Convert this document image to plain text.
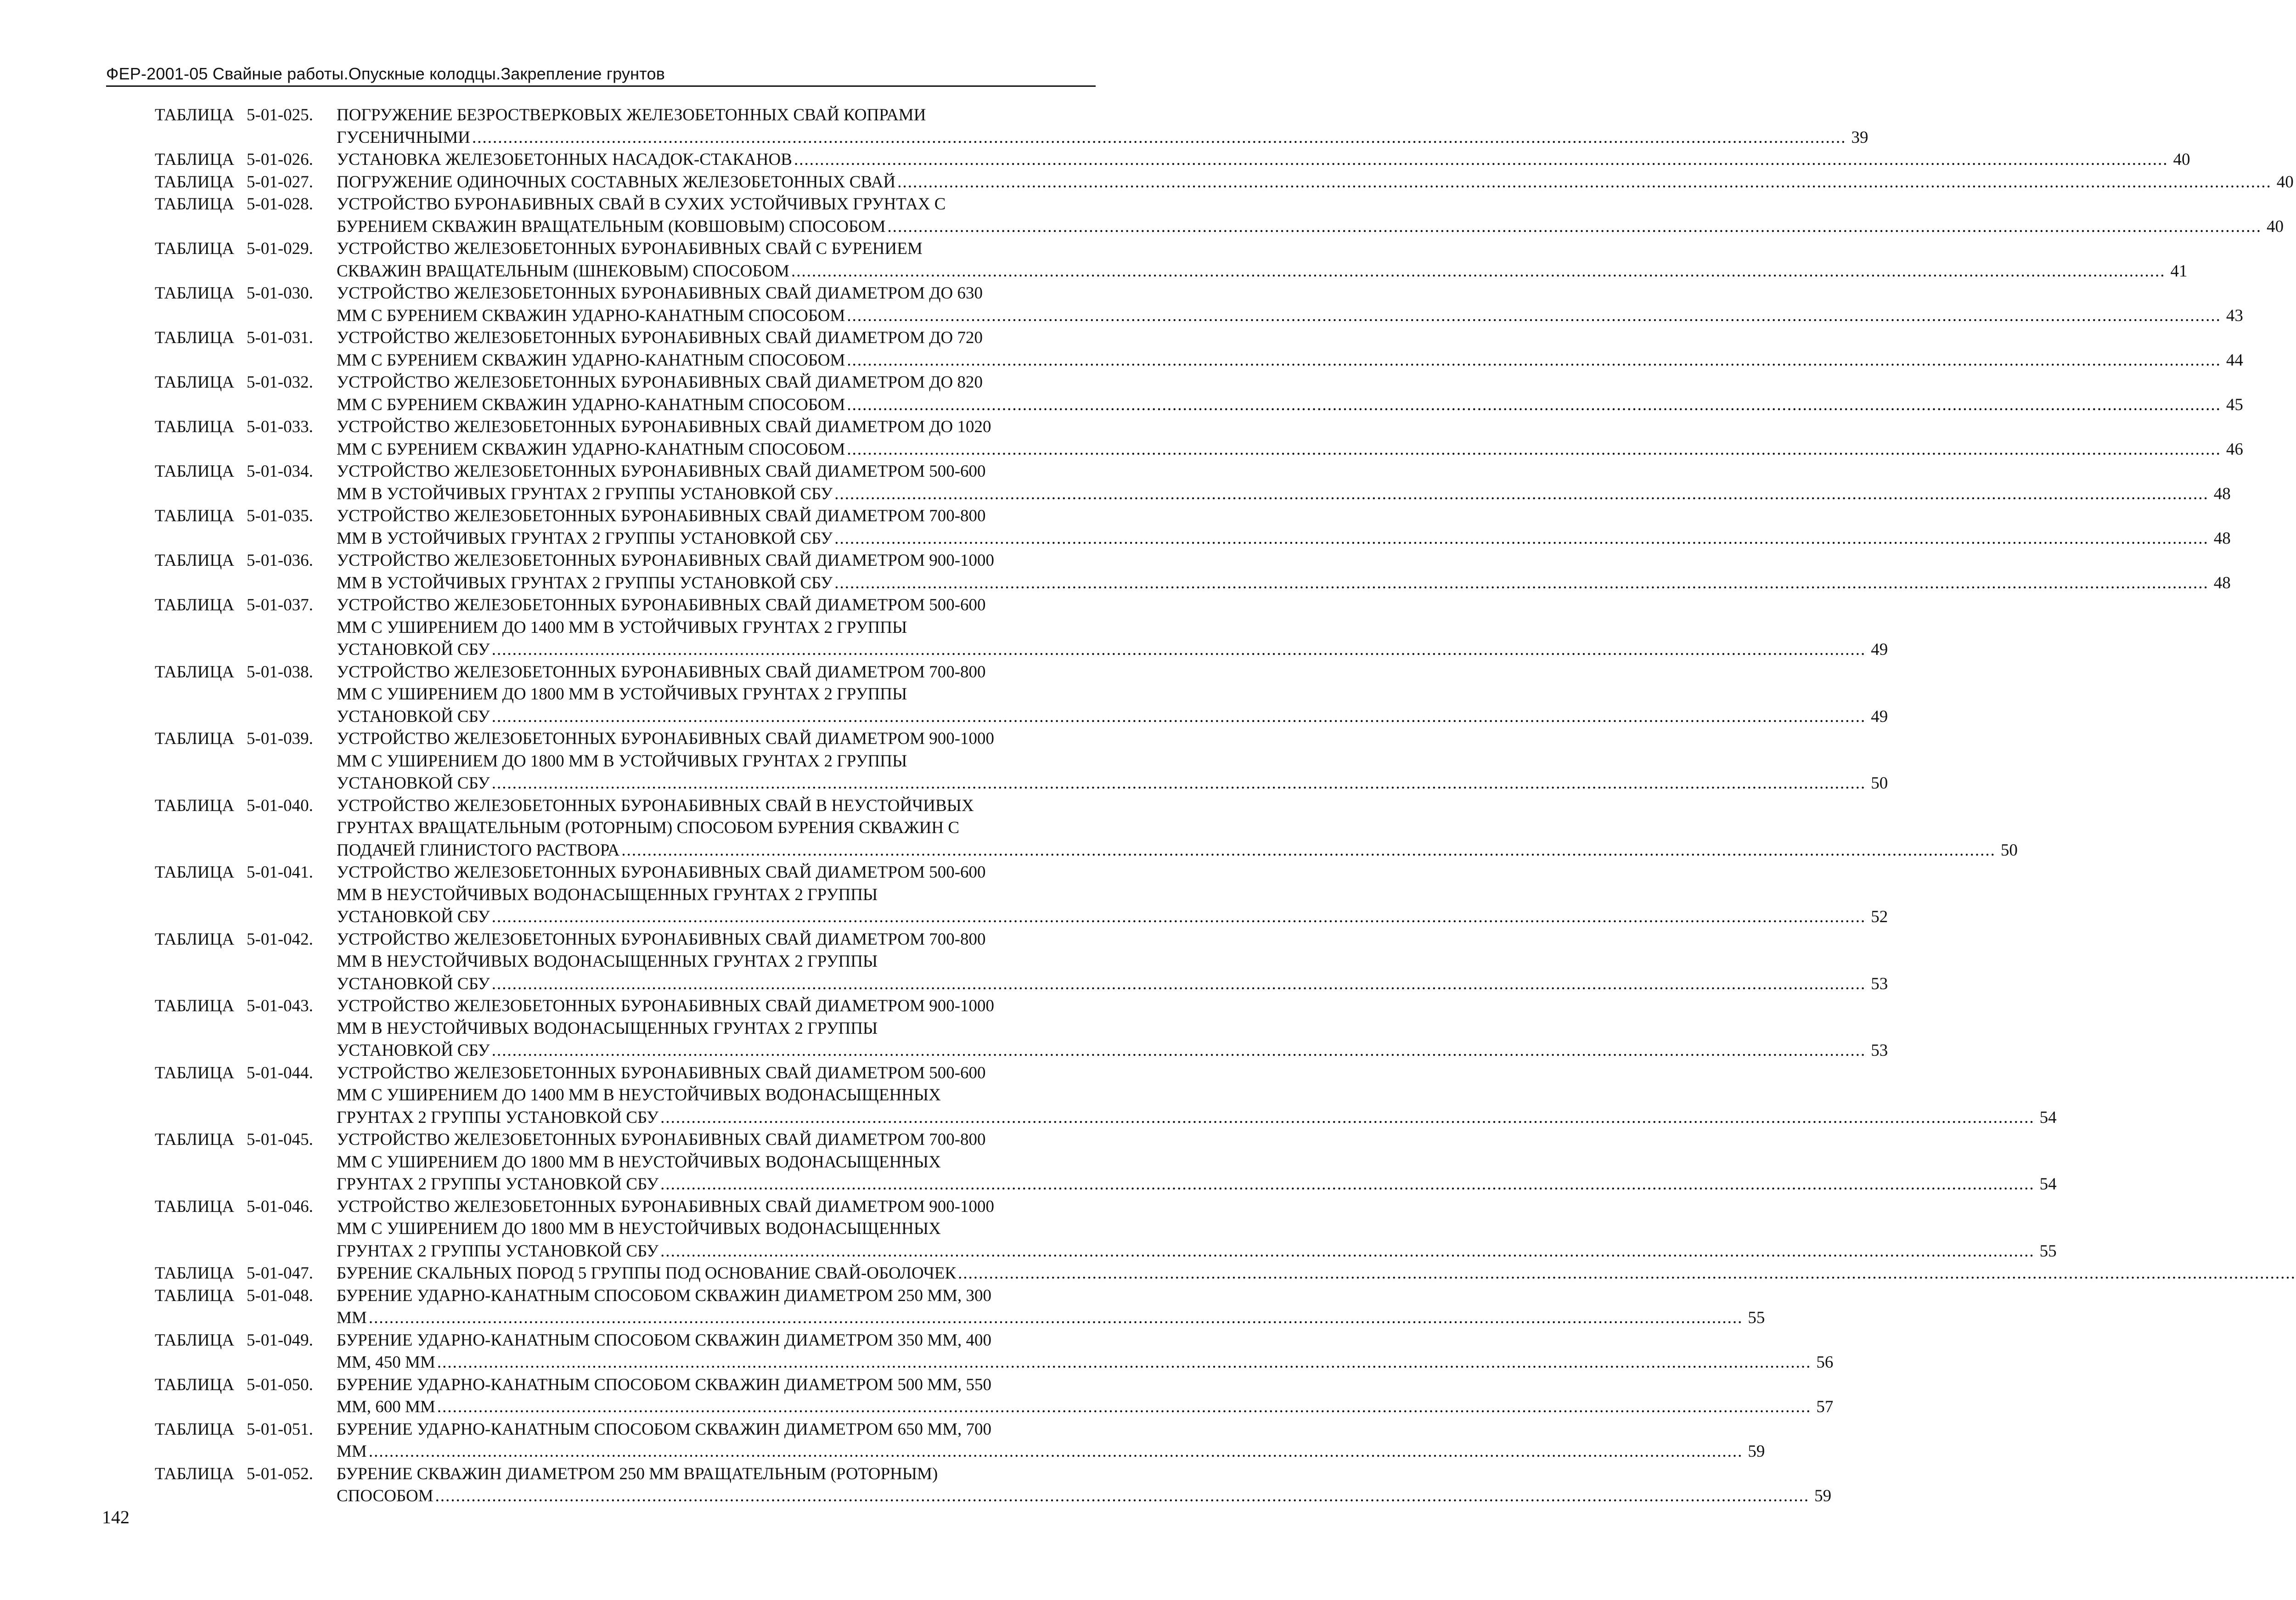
ФЕР-2001-05 Свайные работы.Опускные колодцы.Закрепление грунтов
ТАБЛИЦА 5-01-025.	ПОГРУЖЕНИЕ БЕЗРОСТВЕРКОВЫХ ЖЕЛЕЗОБЕТОННЫХ СВАЙ КОПРАМИ
ГУСЕНИЧНЫМИ .....	39
ТАБЛИЦА 5-01-026.	УСТАНОВКА ЖЕЛЕЗОБЕТОННЫХ НАСАДОК-СТАКАНОВ .....	40
ТАБЛИЦА 5-01-027.	ПОГРУЖЕНИЕ ОДИНОЧНЫХ СОСТАВНЫХ ЖЕЛЕЗОБЕТОННЫХ СВАЙ .....	40
ТАБЛИЦА 5-01-028.	УСТРОЙСТВО БУРОНАБИВНЫХ СВАЙ В СУХИХ УСТОЙЧИВЫХ ГРУНТАХ С
БУРЕНИЕМ СКВАЖИН ВРАЩАТЕЛЬНЫМ (КОВШОВЫМ) СПОСОБОМ .....	40
ТАБЛИЦА 5-01-029.	УСТРОЙСТВО ЖЕЛЕЗОБЕТОННЫХ БУРОНАБИВНЫХ СВАЙ С БУРЕНИЕМ
СКВАЖИН ВРАЩАТЕЛЬНЫМ (ШНЕКОВЫМ) СПОСОБОМ .....	41
ТАБЛИЦА 5-01-030.	УСТРОЙСТВО ЖЕЛЕЗОБЕТОННЫХ БУРОНАБИВНЫХ СВАЙ ДИАМЕТРОМ ДО 630
ММ С БУРЕНИЕМ СКВАЖИН УДАРНО-КАНАТНЫМ СПОСОБОМ .....	43
ТАБЛИЦА 5-01-031.	УСТРОЙСТВО ЖЕЛЕЗОБЕТОННЫХ БУРОНАБИВНЫХ СВАЙ ДИАМЕТРОМ ДО 720
ММ С БУРЕНИЕМ СКВАЖИН УДАРНО-КАНАТНЫМ СПОСОБОМ .....	44
ТАБЛИЦА 5-01-032.	УСТРОЙСТВО ЖЕЛЕЗОБЕТОННЫХ БУРОНАБИВНЫХ СВАЙ ДИАМЕТРОМ ДО 820
ММ С БУРЕНИЕМ СКВАЖИН УДАРНО-КАНАТНЫМ СПОСОБОМ .....	45
ТАБЛИЦА 5-01-033.	УСТРОЙСТВО ЖЕЛЕЗОБЕТОННЫХ БУРОНАБИВНЫХ СВАЙ ДИАМЕТРОМ ДО 1020
ММ С БУРЕНИЕМ СКВАЖИН УДАРНО-КАНАТНЫМ СПОСОБОМ .....	46
ТАБЛИЦА 5-01-034.	УСТРОЙСТВО ЖЕЛЕЗОБЕТОННЫХ БУРОНАБИВНЫХ СВАЙ ДИАМЕТРОМ 500-600
ММ В УСТОЙЧИВЫХ ГРУНТАХ 2 ГРУППЫ УСТАНОВКОЙ СБУ .....	48
ТАБЛИЦА 5-01-035.	УСТРОЙСТВО ЖЕЛЕЗОБЕТОННЫХ БУРОНАБИВНЫХ СВАЙ ДИАМЕТРОМ 700-800
ММ В УСТОЙЧИВЫХ ГРУНТАХ 2 ГРУППЫ УСТАНОВКОЙ СБУ .....	48
ТАБЛИЦА 5-01-036.	УСТРОЙСТВО ЖЕЛЕЗОБЕТОННЫХ БУРОНАБИВНЫХ СВАЙ ДИАМЕТРОМ 900-1000
ММ В УСТОЙЧИВЫХ ГРУНТАХ 2 ГРУППЫ УСТАНОВКОЙ СБУ .....	48
ТАБЛИЦА 5-01-037.	УСТРОЙСТВО ЖЕЛЕЗОБЕТОННЫХ БУРОНАБИВНЫХ СВАЙ ДИАМЕТРОМ 500-600
ММ С УШИРЕНИЕМ ДО 1400 ММ В УСТОЙЧИВЫХ ГРУНТАХ 2 ГРУППЫ
УСТАНОВКОЙ СБУ .....	49
ТАБЛИЦА 5-01-038.	УСТРОЙСТВО ЖЕЛЕЗОБЕТОННЫХ БУРОНАБИВНЫХ СВАЙ ДИАМЕТРОМ 700-800
ММ С УШИРЕНИЕМ ДО 1800 ММ В УСТОЙЧИВЫХ ГРУНТАХ 2 ГРУППЫ
УСТАНОВКОЙ СБУ .....	49
ТАБЛИЦА 5-01-039.	УСТРОЙСТВО ЖЕЛЕЗОБЕТОННЫХ БУРОНАБИВНЫХ СВАЙ ДИАМЕТРОМ 900-1000
ММ С УШИРЕНИЕМ ДО 1800 ММ В УСТОЙЧИВЫХ ГРУНТАХ 2 ГРУППЫ
УСТАНОВКОЙ СБУ .....	50
ТАБЛИЦА 5-01-040.	УСТРОЙСТВО ЖЕЛЕЗОБЕТОННЫХ БУРОНАБИВНЫХ СВАЙ В НЕУСТОЙЧИВЫХ
ГРУНТАХ ВРАЩАТЕЛЬНЫМ (РОТОРНЫМ) СПОСОБОМ БУРЕНИЯ СКВАЖИН С
ПОДАЧЕЙ ГЛИНИСТОГО РАСТВОРА .....	50
ТАБЛИЦА 5-01-041.	УСТРОЙСТВО ЖЕЛЕЗОБЕТОННЫХ БУРОНАБИВНЫХ СВАЙ ДИАМЕТРОМ 500-600
ММ В НЕУСТОЙЧИВЫХ ВОДОНАСЫЩЕННЫХ ГРУНТАХ 2 ГРУППЫ
УСТАНОВКОЙ СБУ .....	52
ТАБЛИЦА 5-01-042.	УСТРОЙСТВО ЖЕЛЕЗОБЕТОННЫХ БУРОНАБИВНЫХ СВАЙ ДИАМЕТРОМ 700-800
ММ В НЕУСТОЙЧИВЫХ ВОДОНАСЫЩЕННЫХ ГРУНТАХ 2 ГРУППЫ
УСТАНОВКОЙ СБУ .....	53
ТАБЛИЦА 5-01-043.	УСТРОЙСТВО ЖЕЛЕЗОБЕТОННЫХ БУРОНАБИВНЫХ СВАЙ ДИАМЕТРОМ 900-1000
ММ В НЕУСТОЙЧИВЫХ ВОДОНАСЫЩЕННЫХ ГРУНТАХ 2 ГРУППЫ
УСТАНОВКОЙ СБУ .....	53
ТАБЛИЦА 5-01-044.	УСТРОЙСТВО ЖЕЛЕЗОБЕТОННЫХ БУРОНАБИВНЫХ СВАЙ ДИАМЕТРОМ 500-600
ММ С УШИРЕНИЕМ ДО 1400 ММ В НЕУСТОЙЧИВЫХ ВОДОНАСЫЩЕННЫХ
ГРУНТАХ 2 ГРУППЫ УСТАНОВКОЙ СБУ .....	54
ТАБЛИЦА 5-01-045.	УСТРОЙСТВО ЖЕЛЕЗОБЕТОННЫХ БУРОНАБИВНЫХ СВАЙ ДИАМЕТРОМ 700-800
ММ С УШИРЕНИЕМ ДО 1800 ММ В НЕУСТОЙЧИВЫХ ВОДОНАСЫЩЕННЫХ
ГРУНТАХ 2 ГРУППЫ УСТАНОВКОЙ СБУ .....	54
ТАБЛИЦА 5-01-046.	УСТРОЙСТВО ЖЕЛЕЗОБЕТОННЫХ БУРОНАБИВНЫХ СВАЙ ДИАМЕТРОМ 900-1000
ММ С УШИРЕНИЕМ ДО 1800 ММ В НЕУСТОЙЧИВЫХ ВОДОНАСЫЩЕННЫХ
ГРУНТАХ 2 ГРУППЫ УСТАНОВКОЙ СБУ .....	55
ТАБЛИЦА 5-01-047.	БУРЕНИЕ СКАЛЬНЫХ ПОРОД 5 ГРУППЫ ПОД ОСНОВАНИЕ СВАЙ-ОБОЛОЧЕК
.....
ТАБЛИЦА 5-01-048.	БУРЕНИЕ УДАРНО-КАНАТНЫМ СПОСОБОМ СКВАЖИН ДИАМЕТРОМ 250 ММ, 300
ММ .....	55
ТАБЛИЦА 5-01-049.	БУРЕНИЕ УДАРНО-КАНАТНЫМ СПОСОБОМ СКВАЖИН ДИАМЕТРОМ 350 ММ, 400
ММ, 450 ММ .....	56
ТАБЛИЦА 5-01-050.	БУРЕНИЕ УДАРНО-КАНАТНЫМ СПОСОБОМ СКВАЖИН ДИАМЕТРОМ 500 ММ, 550
ММ, 600 ММ .....	57
ТАБЛИЦА 5-01-051.	БУРЕНИЕ УДАРНО-КАНАТНЫМ СПОСОБОМ СКВАЖИН ДИАМЕТРОМ 650 ММ, 700
ММ .....	59
ТАБЛИЦА 5-01-052.	БУРЕНИЕ СКВАЖИН ДИАМЕТРОМ 250 ММ ВРАЩАТЕЛЬНЫМ (РОТОРНЫМ)
СПОСОБОМ .....	59
142
